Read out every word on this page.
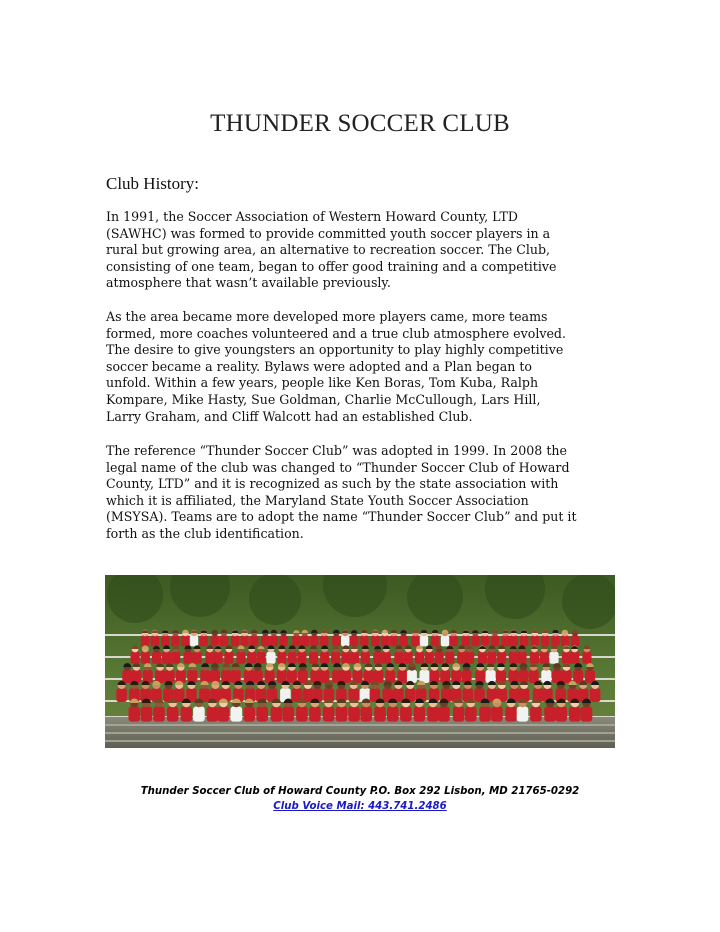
THUNDER SOCCER CLUB
Club History:

In 1991, the Soccer Association of Western Howard County, LTD
(SAWHC) was formed to provide committed youth soccer players in a
rural but growing area, an alternative to recreation soccer. The Club,
consisting of one team, began to offer good training and a competitive
atmosphere that wasn’t available previously.

As the area became more developed more players came, more teams
formed, more coaches volunteered and a true club atmosphere evolved.
The desire to give youngsters an opportunity to play highly competitive
soccer became a reality. Bylaws were adopted and a Plan began to
unfold. Within a few years, people like Ken Boras, Tom Kuba, Ralph
Kompare, Mike Hasty, Sue Goldman, Charlie McCullough, Lars Hill,
Larry Graham, and Cliff Walcott had an established Club.

The reference “Thunder Soccer Club” was adopted in 1999. In 2008 the
legal name of the club was changed to “Thunder Soccer Club of Howard
County, LTD” and it is recognized as such by the state association with
which it is affiliated, the Maryland State Youth Soccer Association
(MSYSA). Teams are to adopt the name “Thunder Soccer Club” and put it
forth as the club identification.

Thunder Soccer Club of Howard County P.O. Box 292 Lisbon, MD 21765-0292
Club Voice Mail: 443.741.2486
